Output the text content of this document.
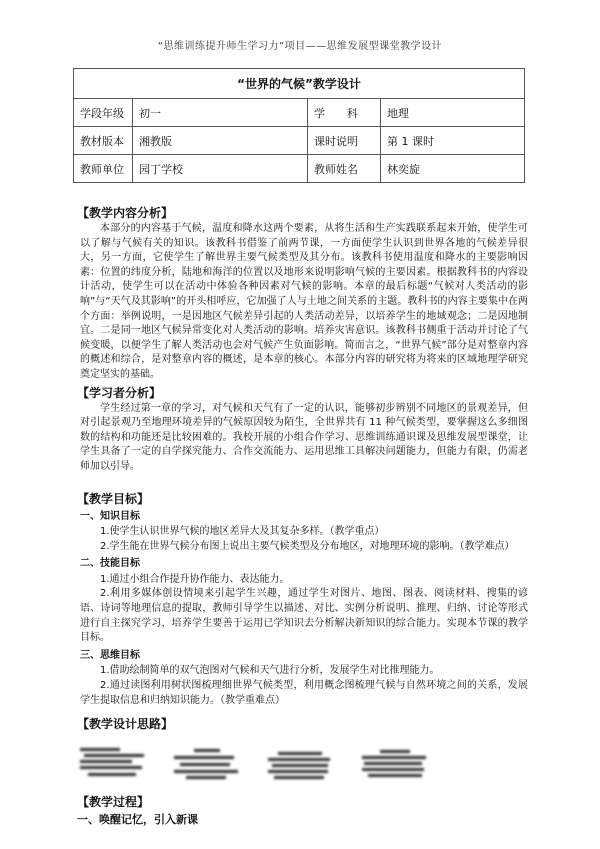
“思维训练提升师生学习力”项目——思维发展型课堂教学设计
“世界的气候”教学设计			
学段年级	初一	学　　科	地理
教材版本	湘教版	课时说明	第 1 课时
教师单位	园丁学校	教师姓名	林奕旋
【教学内容分析】

本部分的内容基于气候，温度和降水这两个要素，从将生活和生产实践联系起来开始，使学生可以了解与气候有关的知识。该教科书借鉴了前两节课，一方面使学生认识到世界各地的气候差异很大，另一方面，它使学生了解世界主要气候类型及其分布。该教科书使用温度和降水的主要影响因素：位置的纬度分析，陆地和海洋的位置以及地形来说明影响气候的主要因素。根据教科书的内容设计活动，使学生可以在活动中体验各种因素对气候的影响。本章的最后标题“气候对人类活动的影响”与“天气及其影响”的开头相呼应，它加强了人与土地之间关系的主题。教科书的内容主要集中在两个方面：举例说明，一是因地区气候差异引起的人类活动差异，以培养学生的地域观念；二是因地制宜。二是同一地区气候异常变化对人类活动的影响。培养灾害意识。该教科书侧重于活动并讨论了气候变暖，以便学生了解人类活动也会对气候产生负面影响。简而言之，“世界气候”部分是对整章内容的概述和综合，是对整章内容的概述，是本章的核心。本部分内容的研究将为将来的区域地理学研究奠定坚实的基础。

【学习者分析】

学生经过第一章的学习，对气候和天气有了一定的认识，能够初步辨别不同地区的景观差异，但对引起景观乃至地理环境差异的气候原因较为陌生，全世界共有 11 种气候类型，要掌握这么多细图数的结构和功能还是比较困难的。我校开展的小组合作学习、思维训练通识课及思维发展型课堂，让学生具备了一定的自学探究能力、合作交流能力、运用思维工具解决问题能力，但能力有限，仍需老师加以引导。

【教学目标】
一、知识目标

1.使学生认识世界气候的地区差异大及其复杂多样。（教学重点）

2.学生能在世界气候分布图上说出主要气候类型及分布地区，对地理环境的影响。（教学难点）

二、技能目标

1.通过小组合作提升协作能力、表达能力。

2.利用多媒体创设情境来引起学生兴趣，通过学生对图片、地图、图表、阅读材料、搜集的谚语、诗词等地理信息的提取，教师引导学生以描述、对比、实例分析说明、推理、归纳、讨论等形式进行自主探究学习，培养学生要善于运用已学知识去分析解决新知识的综合能力。实现本节课的教学目标。

三、思维目标

1.借助绘制简单的双气泡图对气候和天气进行分析，发展学生对比推理能力。

2.通过读图利用树状图梳理细世界气候类型，利用概念图梳理气候与自然环境之间的关系，发展学生提取信息和归纳知识能力。（教学重难点）

【教学设计思路】
【教学过程】
一、唤醒记忆，引入新课
